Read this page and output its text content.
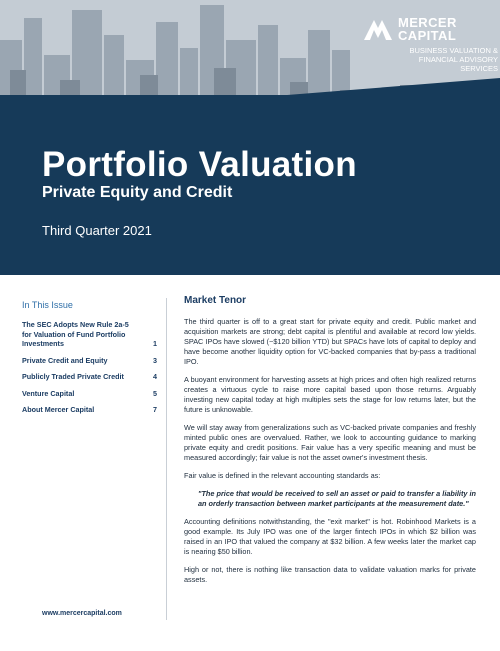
MERCER
CAPITAL
BUSINESS VALUATION &
FINANCIAL ADVISORY SERVICES
Portfolio Valuation
Private Equity and Credit
Third Quarter 2021
In This Issue
The SEC Adopts New Rule 2a-5 for Valuation of Fund Portfolio Investments	1
Private Credit and Equity	3
Publicly Traded Private Credit	4
Venture Capital	5
About Mercer Capital	7
www.mercercapital.com
Market Tenor

The third quarter is off to a great start for private equity and credit. Public market and acquisition markets are strong; debt capital is plentiful and available at record low yields. SPAC IPOs have slowed (~$120 billion YTD) but SPACs have lots of capital to deploy and have become another liquidity option for VC-backed companies that by-pass a traditional IPO.

A buoyant environment for harvesting assets at high prices and often high realized returns creates a virtuous cycle to raise more capital based upon those returns. Arguably investing new capital today at high multiples sets the stage for low returns later, but the future is unknowable.

We will stay away from generalizations such as VC-backed private companies and freshly minted public ones are overvalued. Rather, we look to accounting guidance to marking private equity and credit positions. Fair value has a very specific meaning and must be measured accordingly; fair value is not the asset owner's investment thesis.

Fair value is defined in the relevant accounting standards as:

"The price that would be received to sell an asset or paid to transfer a liability in an orderly transaction between market participants at the measurement date."

Accounting definitions notwithstanding, the "exit market" is hot. Robinhood Markets is a good example. Its July IPO was one of the larger fintech IPOs in which $2 billion was raised in an IPO that valued the company at $32 billion. A few weeks later the market cap is nearing $50 billion.

High or not, there is nothing like transaction data to validate valuation marks for private assets.
